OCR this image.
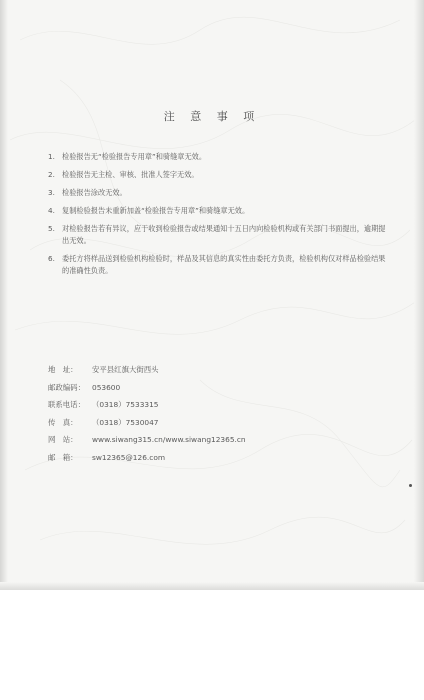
注 意 事 项
1. 检验报告无“检验报告专用章”和骑缝章无效。
2. 检验报告无主检、审核、批准人签字无效。
3. 检验报告涂改无效。
4. 复制检验报告未重新加盖“检验报告专用章”和骑缝章无效。
5. 对检验报告若有异议，应于收到检验报告或结果通知十五日内向检验机构或有关部门书面提出，逾期提出无效。
6. 委托方将样品送到检验机构检验时，样品及其信息的真实性由委托方负责，检验机构仅对样品检验结果的准确性负责。
地　址： 安平县红旗大街西头
邮政编码： 053600
联系电话： （0318）7533315
传　真： （0318）7530047
网　站： www.siwang315.cn/www.siwang12365.cn
邮　箱： sw12365@126.com
